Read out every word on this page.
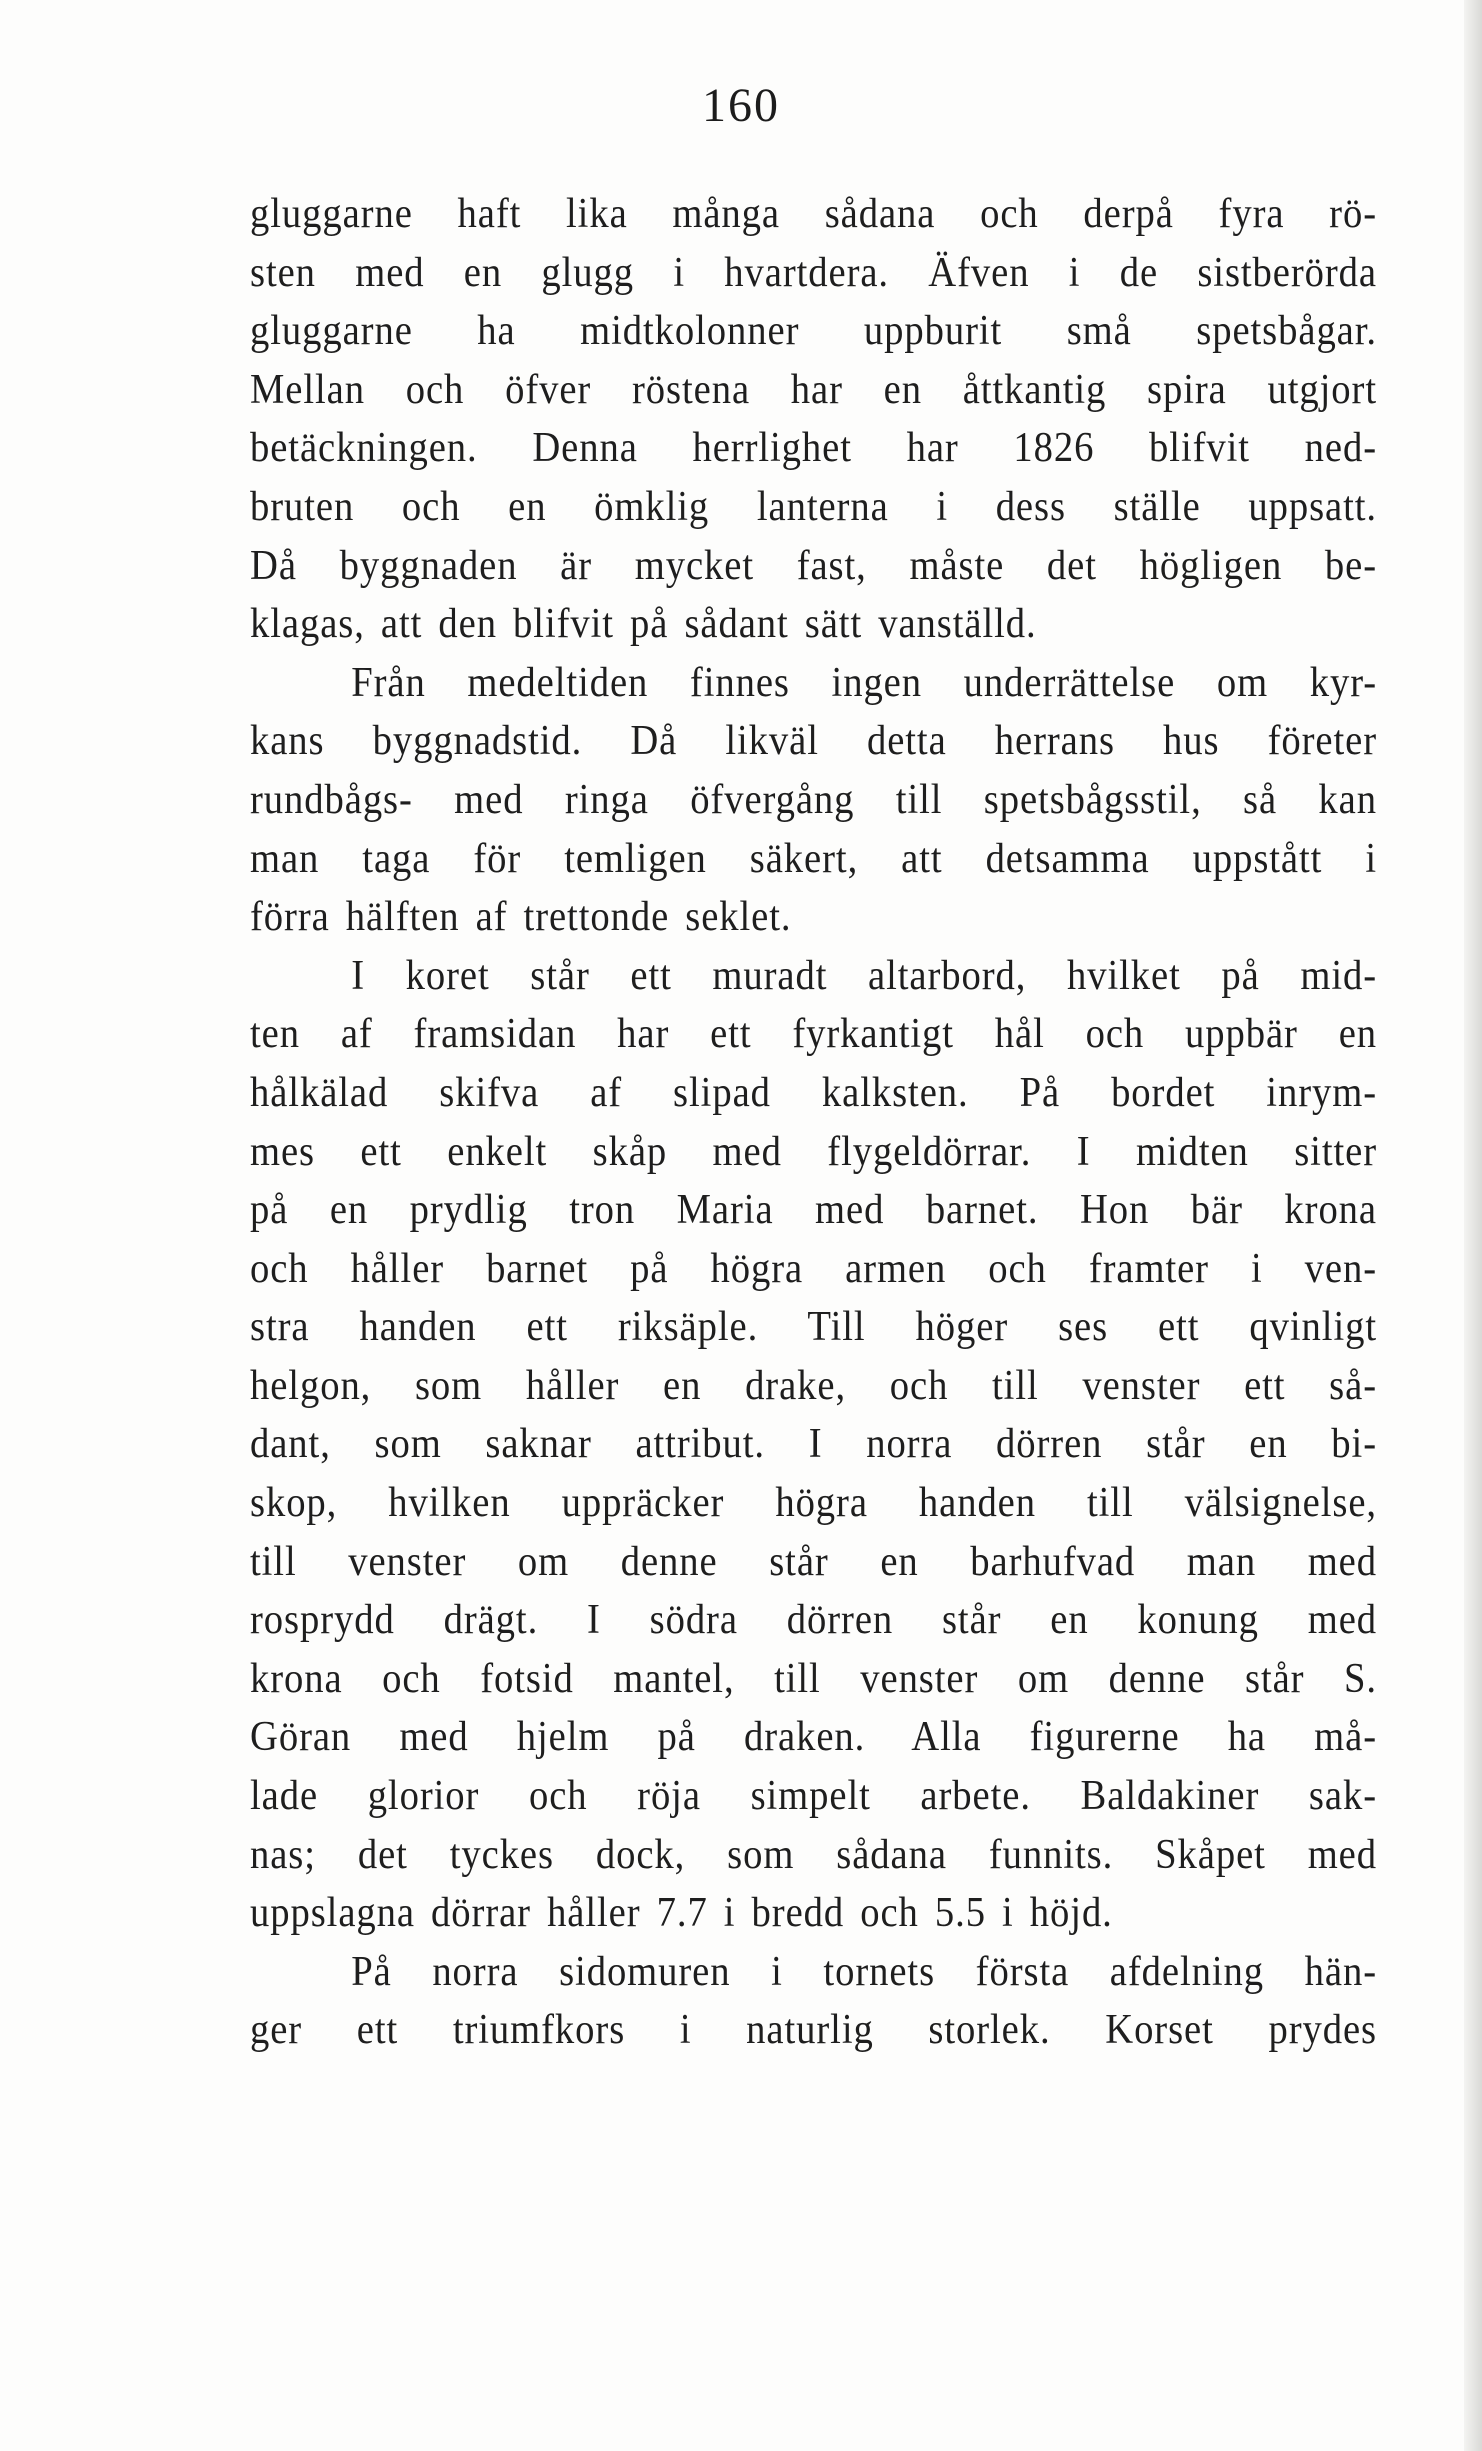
160
gluggarne haft lika många sådana och derpå fyra rö-
sten med en glugg i hvartdera. Äfven i de sistberörda
gluggarne ha midtkolonner uppburit små spetsbågar.
Mellan och öfver röstena har en åttkantig spira utgjort
betäckningen. Denna herrlighet har 1826 blifvit ned-
bruten och en ömklig lanterna i dess ställe uppsatt.
Då byggnaden är mycket fast, måste det högligen be-
klagas, att den blifvit på sådant sätt vanställd.
Från medeltiden finnes ingen underrättelse om kyr-
kans byggnadstid. Då likväl detta herrans hus företer
rundbågs- med ringa öfvergång till spetsbågsstil, så kan
man taga för temligen säkert, att detsamma uppstått i
förra hälften af trettonde seklet.
I koret står ett muradt altarbord, hvilket på mid-
ten af framsidan har ett fyrkantigt hål och uppbär en
hålkälad skifva af slipad kalksten. På bordet inrym-
mes ett enkelt skåp med flygeldörrar. I midten sitter
på en prydlig tron Maria med barnet. Hon bär krona
och håller barnet på högra armen och framter i ven-
stra handen ett riksäple. Till höger ses ett qvinligt
helgon, som håller en drake, och till venster ett så-
dant, som saknar attribut. I norra dörren står en bi-
skop, hvilken uppräcker högra handen till välsignelse,
till venster om denne står en barhufvad man med
rosprydd drägt. I södra dörren står en konung med
krona och fotsid mantel, till venster om denne står S.
Göran med hjelm på draken. Alla figurerne ha må-
lade glorior och röja simpelt arbete. Baldakiner sak-
nas; det tyckes dock, som sådana funnits. Skåpet med
uppslagna dörrar håller 7.7 i bredd och 5.5 i höjd.
På norra sidomuren i tornets första afdelning hän-
ger ett triumfkors i naturlig storlek. Korset prydes
